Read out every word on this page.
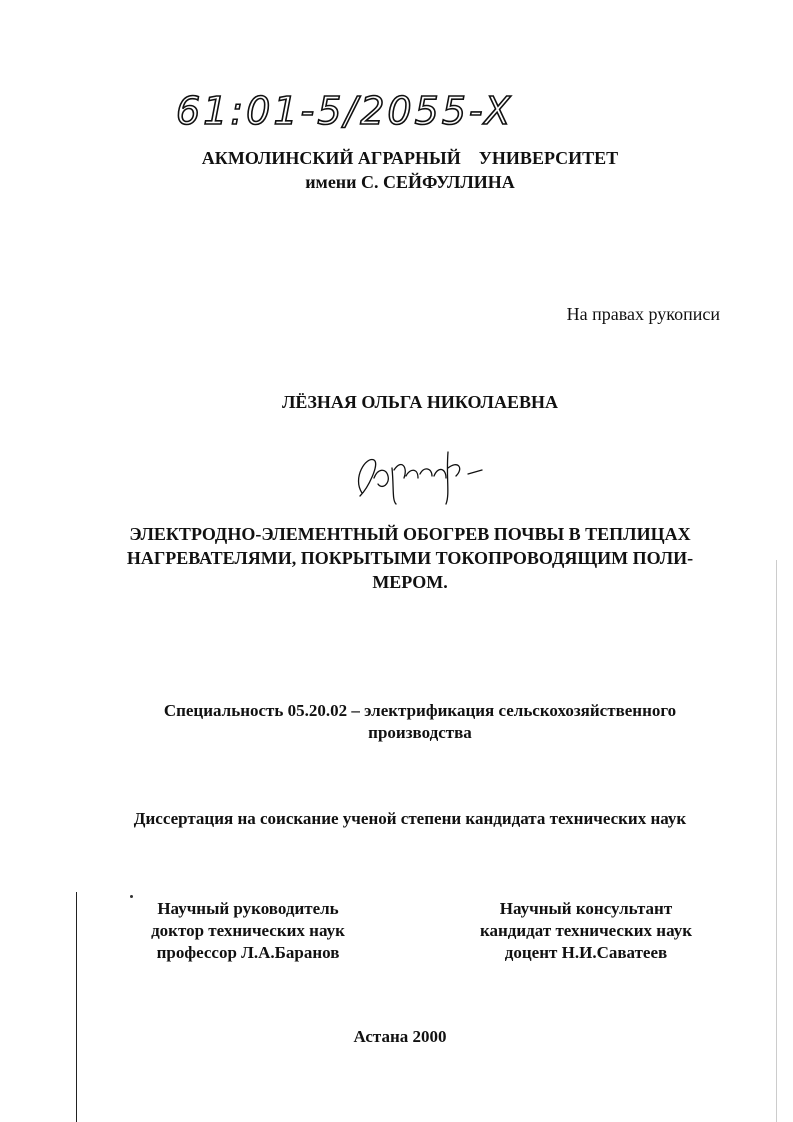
61:01-5/2055-X
АКМОЛИНСКИЙ АГРАРНЫЙ    УНИВЕРСИТЕТ
имени С. СЕЙФУЛЛИНА
На правах рукописи
ЛЁЗНАЯ ОЛЬГА НИКОЛАЕВНА
ЭЛЕКТРОДНО-ЭЛЕМЕНТНЫЙ ОБОГРЕВ ПОЧВЫ В ТЕПЛИЦАХ
НАГРЕВАТЕЛЯМИ, ПОКРЫТЫМИ ТОКОПРОВОДЯЩИМ ПОЛИ-
МЕРОМ.
Специальность 05.20.02 – электрификация сельскохозяйственного
производства
Диссертация на соискание ученой степени кандидата технических наук
Научный руководитель
доктор технических наук
профессор Л.А.Баранов
Научный консультант
кандидат технических наук
доцент Н.И.Саватеев
Астана 2000
